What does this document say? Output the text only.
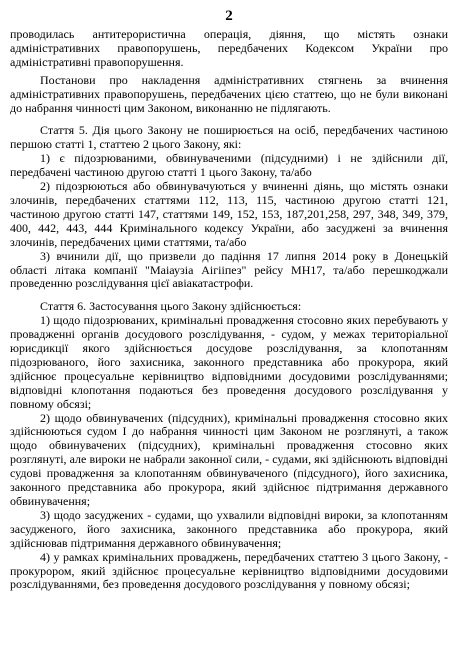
2

проводилась антитерористична операція, діяння, що містять ознаки адміністративних правопорушень, передбачених Кодексом України про адміністративні правопорушення.

Постанови про накладення адміністративних стягнень за вчинення адміністративних правопорушень, передбачених цією статтею, що не були виконані до набрання чинності цим Законом, виконанню не підлягають.

Стаття 5. Дія цього Закону не поширюється на осіб, передбачених частиною першою статті 1, статтею 2 цього Закону, які:

1) є підозрюваними, обвинуваченими (підсудними) і не здійснили дії, передбачені частиною другою статті 1 цього Закону, та/або

2) підозрюються або обвинувачуються у вчиненні діянь, що містять ознаки злочинів, передбачених статтями 112, 113, 115, частиною другою статті 121, частиною другою статті 147, статтями 149, 152, 153, 187,201,258, 297, 348, 349, 379, 400, 442, 443, 444 Кримінального кодексу України, або засуджені за вчинення злочинів, передбачених цими статтями, та/або

3) вчинили дії, що призвели до падіння 17 липня 2014 року в Донецькій області літака компанії "Маіаузіа Аігііпез" рейсу МН17, та/або перешкоджали проведенню розслідування цієї авіакатастрофи.

Стаття 6. Застосування цього Закону здійснюється:

1) щодо підозрюваних, кримінальні провадження стосовно яких перебувають у провадженні органів досудового розслідування, - судом, у межах територіальної юрисдикції якого здійснюється досудове розслідування, за клопотанням підозрюваного, його захисника, законного представника або прокурора, який здійснює процесуальне керівництво відповідними досудовими розслідуваннями; відповідні клопотання подаються без проведення досудового розслідування у повному обсязі;

2) щодо обвинувачених (підсудних), кримінальні провадження стосовно яких здійснюються судом І до набрання чинності цим Законом не розглянуті, а також щодо обвинувачених (підсудних), кримінальні провадження стосовно яких розглянуті, але вироки не набрали законної сили, - судами, які здійснюють відповідні судові провадження за клопотанням обвинуваченого (підсудного), його захисника, законного представника або прокурора, який здійснює підтримання державного обвинувачення;

3) щодо засуджених - судами, що ухвалили відповідні вироки, за клопотанням засудженого, його захисника, законного представника або прокурора, який здійснював підтримання державного обвинувачення;

4) у рамках кримінальних проваджень, передбачених статтею 3 цього Закону, - прокурором, який здійснює процесуальне керівництво відповідними досудовими розслідуваннями, без проведення досудового розслідування у повному обсязі;
